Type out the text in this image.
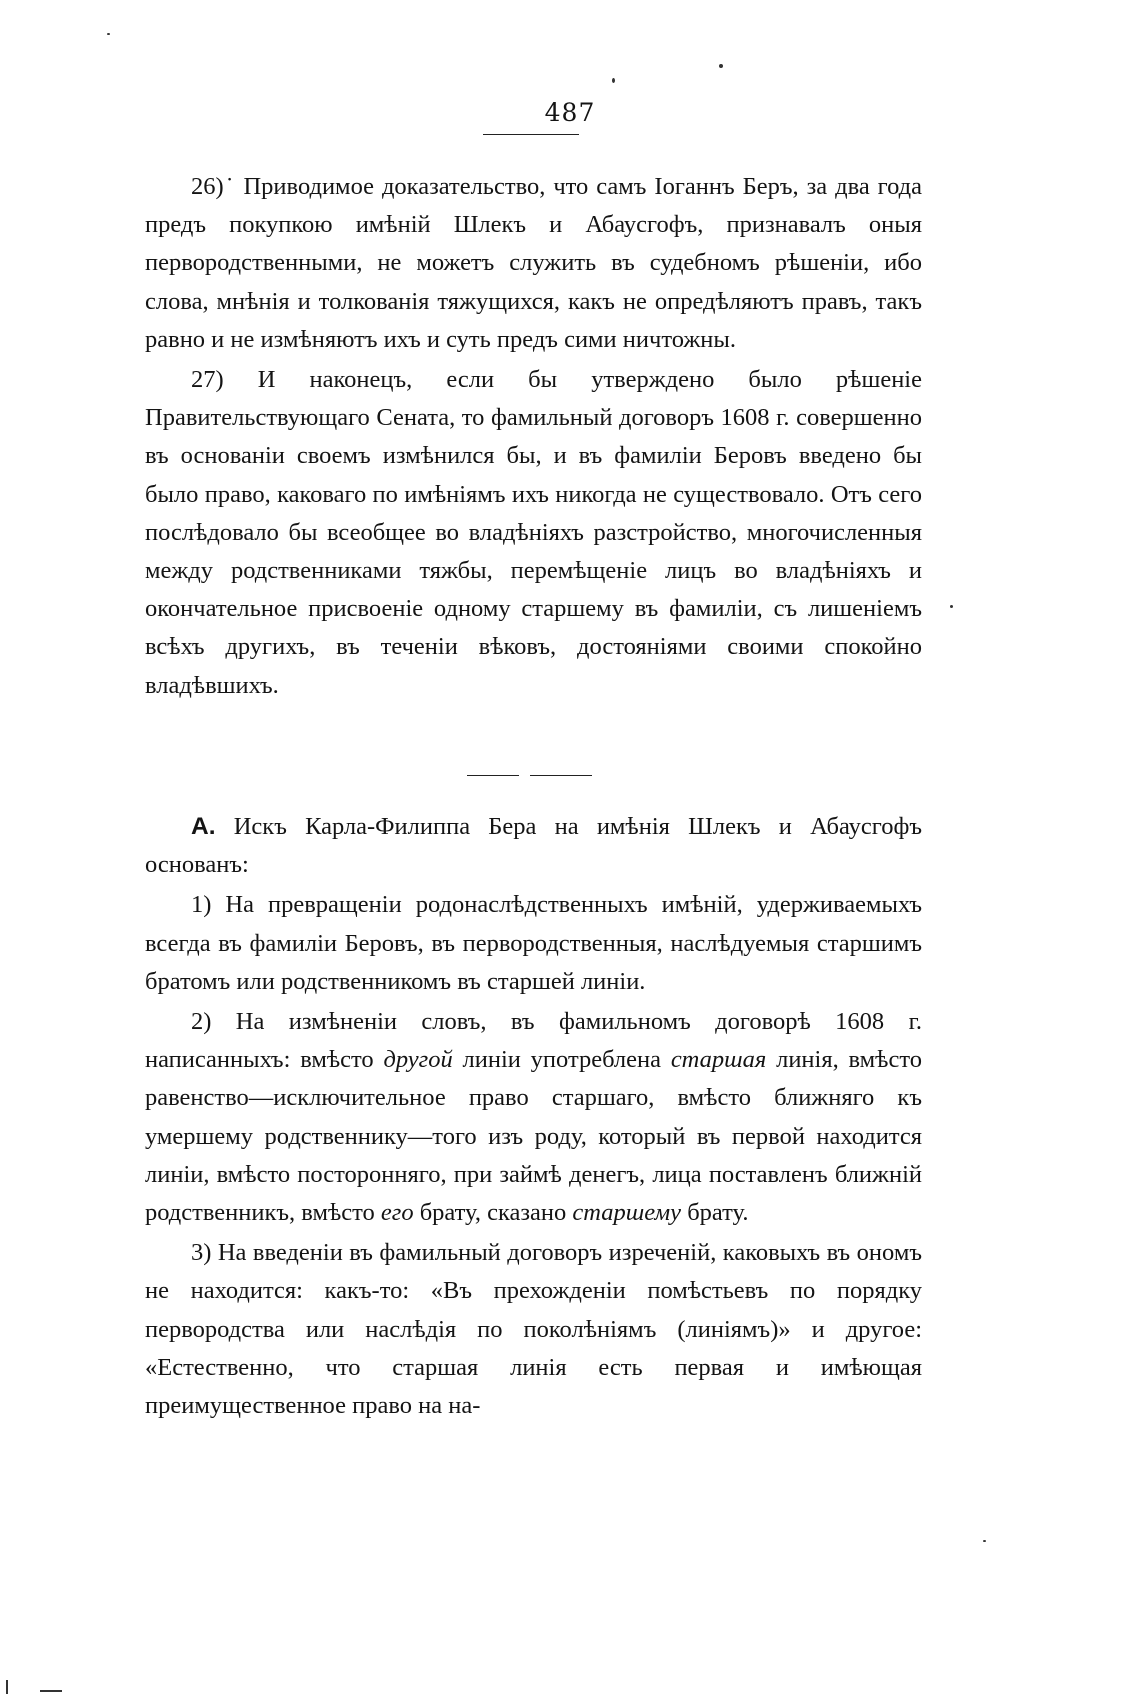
487

26)˙ Приводимое доказательство, что самъ Іоганнъ Беръ, за два года предъ покупкою имѣній Шлекъ и Абаусгофъ, признавалъ оныя первородственными, не можетъ служить въ судебномъ рѣшеніи, ибо слова, мнѣнія и толкованія тяжущихся, какъ не опредѣляютъ правъ, такъ равно и не измѣняютъ ихъ и суть предъ сими ничтожны.

27) И наконецъ, если бы утверждено было рѣшеніе Правительствующаго Сената, то фамильный договоръ 1608 г. совершенно въ основаніи своемъ измѣнился бы, и въ фамиліи Беровъ введено бы было право, каковаго по имѣніямъ ихъ никогда не существовало. Отъ сего послѣдовало бы всеобщее во владѣніяхъ разстройство, многочисленныя между родственниками тяжбы, перемѣщеніе лицъ во владѣніяхъ и окончательное присвоеніе одному старшему въ фамиліи, съ лишеніемъ всѣхъ другихъ, въ теченіи вѣковъ, достояніями своими спокойно владѣвшихъ.

А. Искъ Карла-Филиппа Бера на имѣнія Шлекъ и Абаусгофъ основанъ:

1) На превращеніи родонаслѣдственныхъ имѣній, удерживаемыхъ всегда въ фамиліи Беровъ, въ первородственныя, наслѣдуемыя старшимъ братомъ или родственникомъ въ старшей линіи.

2) На измѣненіи словъ, въ фамильномъ договорѣ 1608 г. написанныхъ: вмѣсто другой линіи употреблена старшая линія, вмѣсто равенство—исключительное право старшаго, вмѣсто ближняго къ умершему родственнику—того изъ роду, который въ первой находится линіи, вмѣсто посторонняго, при займѣ денегъ, лица поставленъ ближній родственникъ, вмѣсто его брату, сказано старшему брату.

3) На введеніи въ фамильный договоръ изреченій, каковыхъ въ ономъ не находится: какъ-то: «Въ прехожденіи помѣстьевъ по порядку первородства или наслѣдія по поколѣніямъ (линіямъ)» и другое: «Естественно, что старшая линія есть первая и имѣющая преимущественное право на на-
